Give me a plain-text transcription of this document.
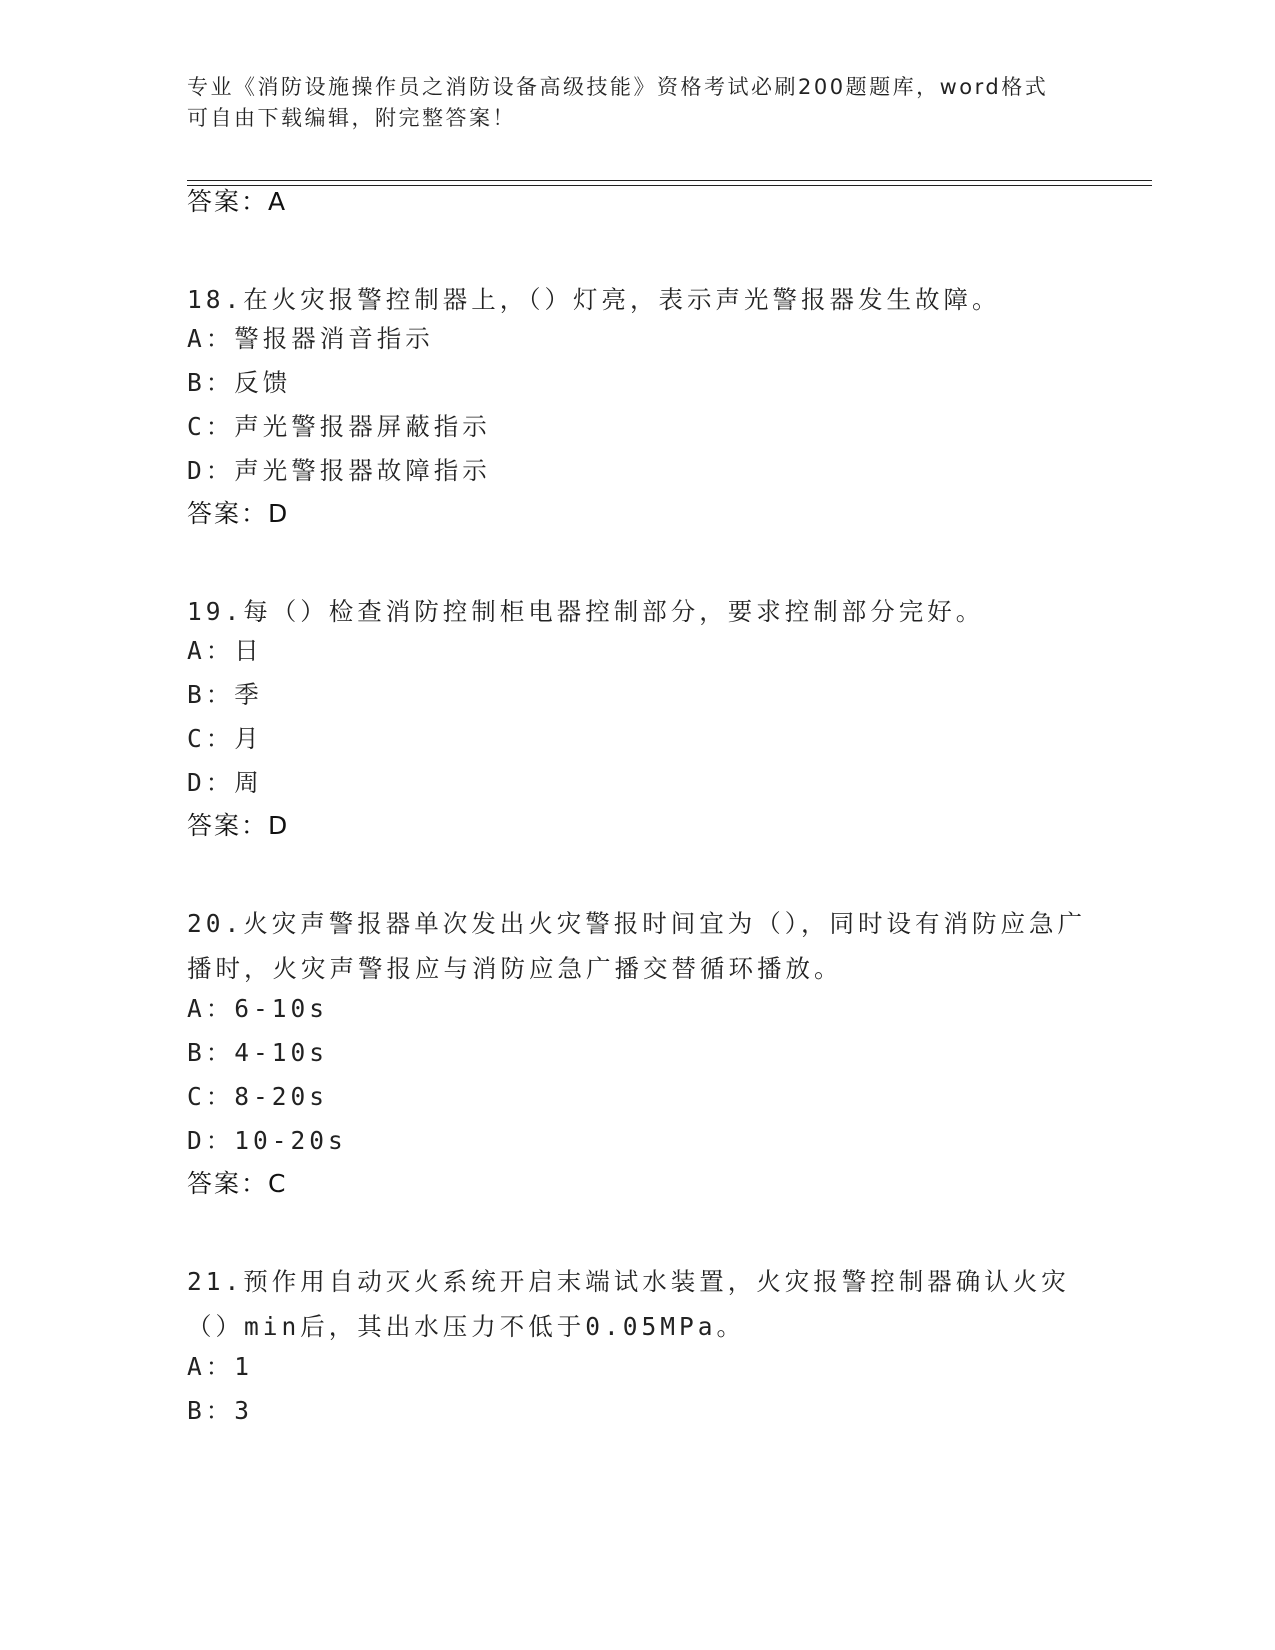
专业《消防设施操作员之消防设备高级技能》资格考试必刷200题题库，word格式可自由下载编辑，附完整答案！
答案：A
18.在火灾报警控制器上，（）灯亮，表示声光警报器发生故障。
A：警报器消音指示
B：反馈
C：声光警报器屏蔽指示
D：声光警报器故障指示
答案：D
19.每（）检查消防控制柜电器控制部分，要求控制部分完好。
A：日
B：季
C：月
D：周
答案：D
20.火灾声警报器单次发出火灾警报时间宜为（），同时设有消防应急广播时，火灾声警报应与消防应急广播交替循环播放。
A：6-10s
B：4-10s
C：8-20s
D：10-20s
答案：C
21.预作用自动灭火系统开启末端试水装置，火灾报警控制器确认火灾（）min后，其出水压力不低于0.05MPa。
A：1
B：3
